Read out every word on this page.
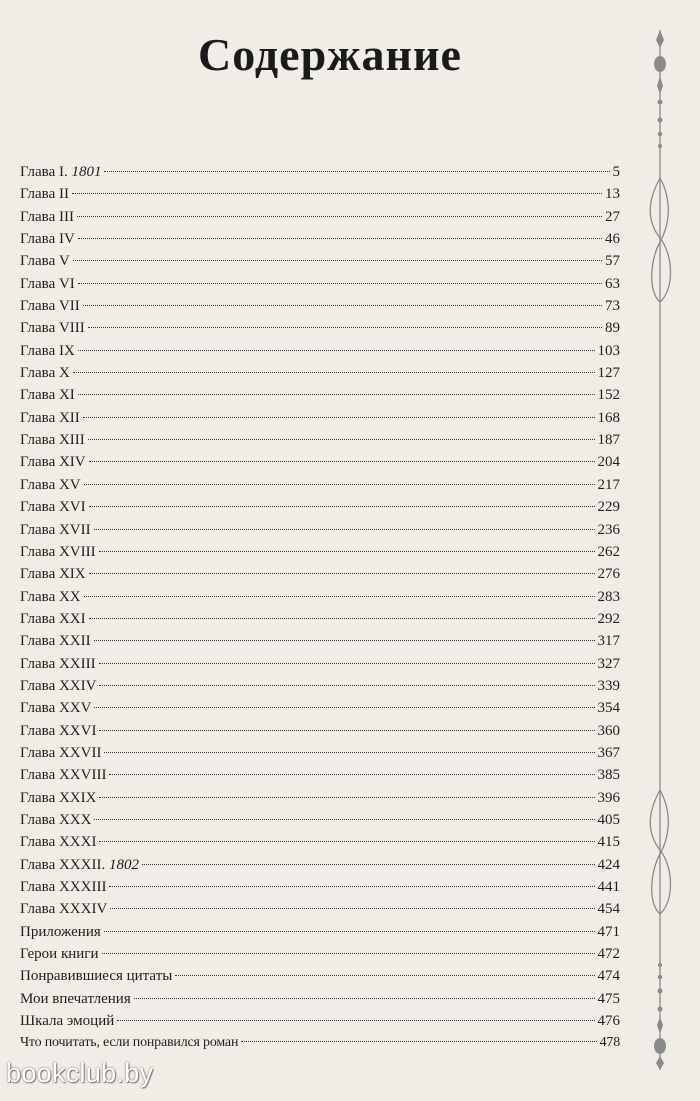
Содержание
Глава I. 1801	5
Глава II	13
Глава III	27
Глава IV	46
Глава V	57
Глава VI	63
Глава VII	73
Глава VIII	89
Глава IX	103
Глава X	127
Глава XI	152
Глава XII	168
Глава XIII	187
Глава XIV	204
Глава XV	217
Глава XVI	229
Глава XVII	236
Глава XVIII	262
Глава XIX	276
Глава XX	283
Глава XXI	292
Глава XXII	317
Глава XXIII	327
Глава XXIV	339
Глава XXV	354
Глава XXVI	360
Глава XXVII	367
Глава XXVIII	385
Глава XXIX	396
Глава XXX	405
Глава XXXI	415
Глава XXXII. 1802	424
Глава XXXIII	441
Глава XXXIV	454
Приложения	471
Герои книги	472
Понравившиеся цитаты	474
Мои впечатления	475
Шкала эмоций	476
Что почитать, если понравился роман	478
bookclub.by
